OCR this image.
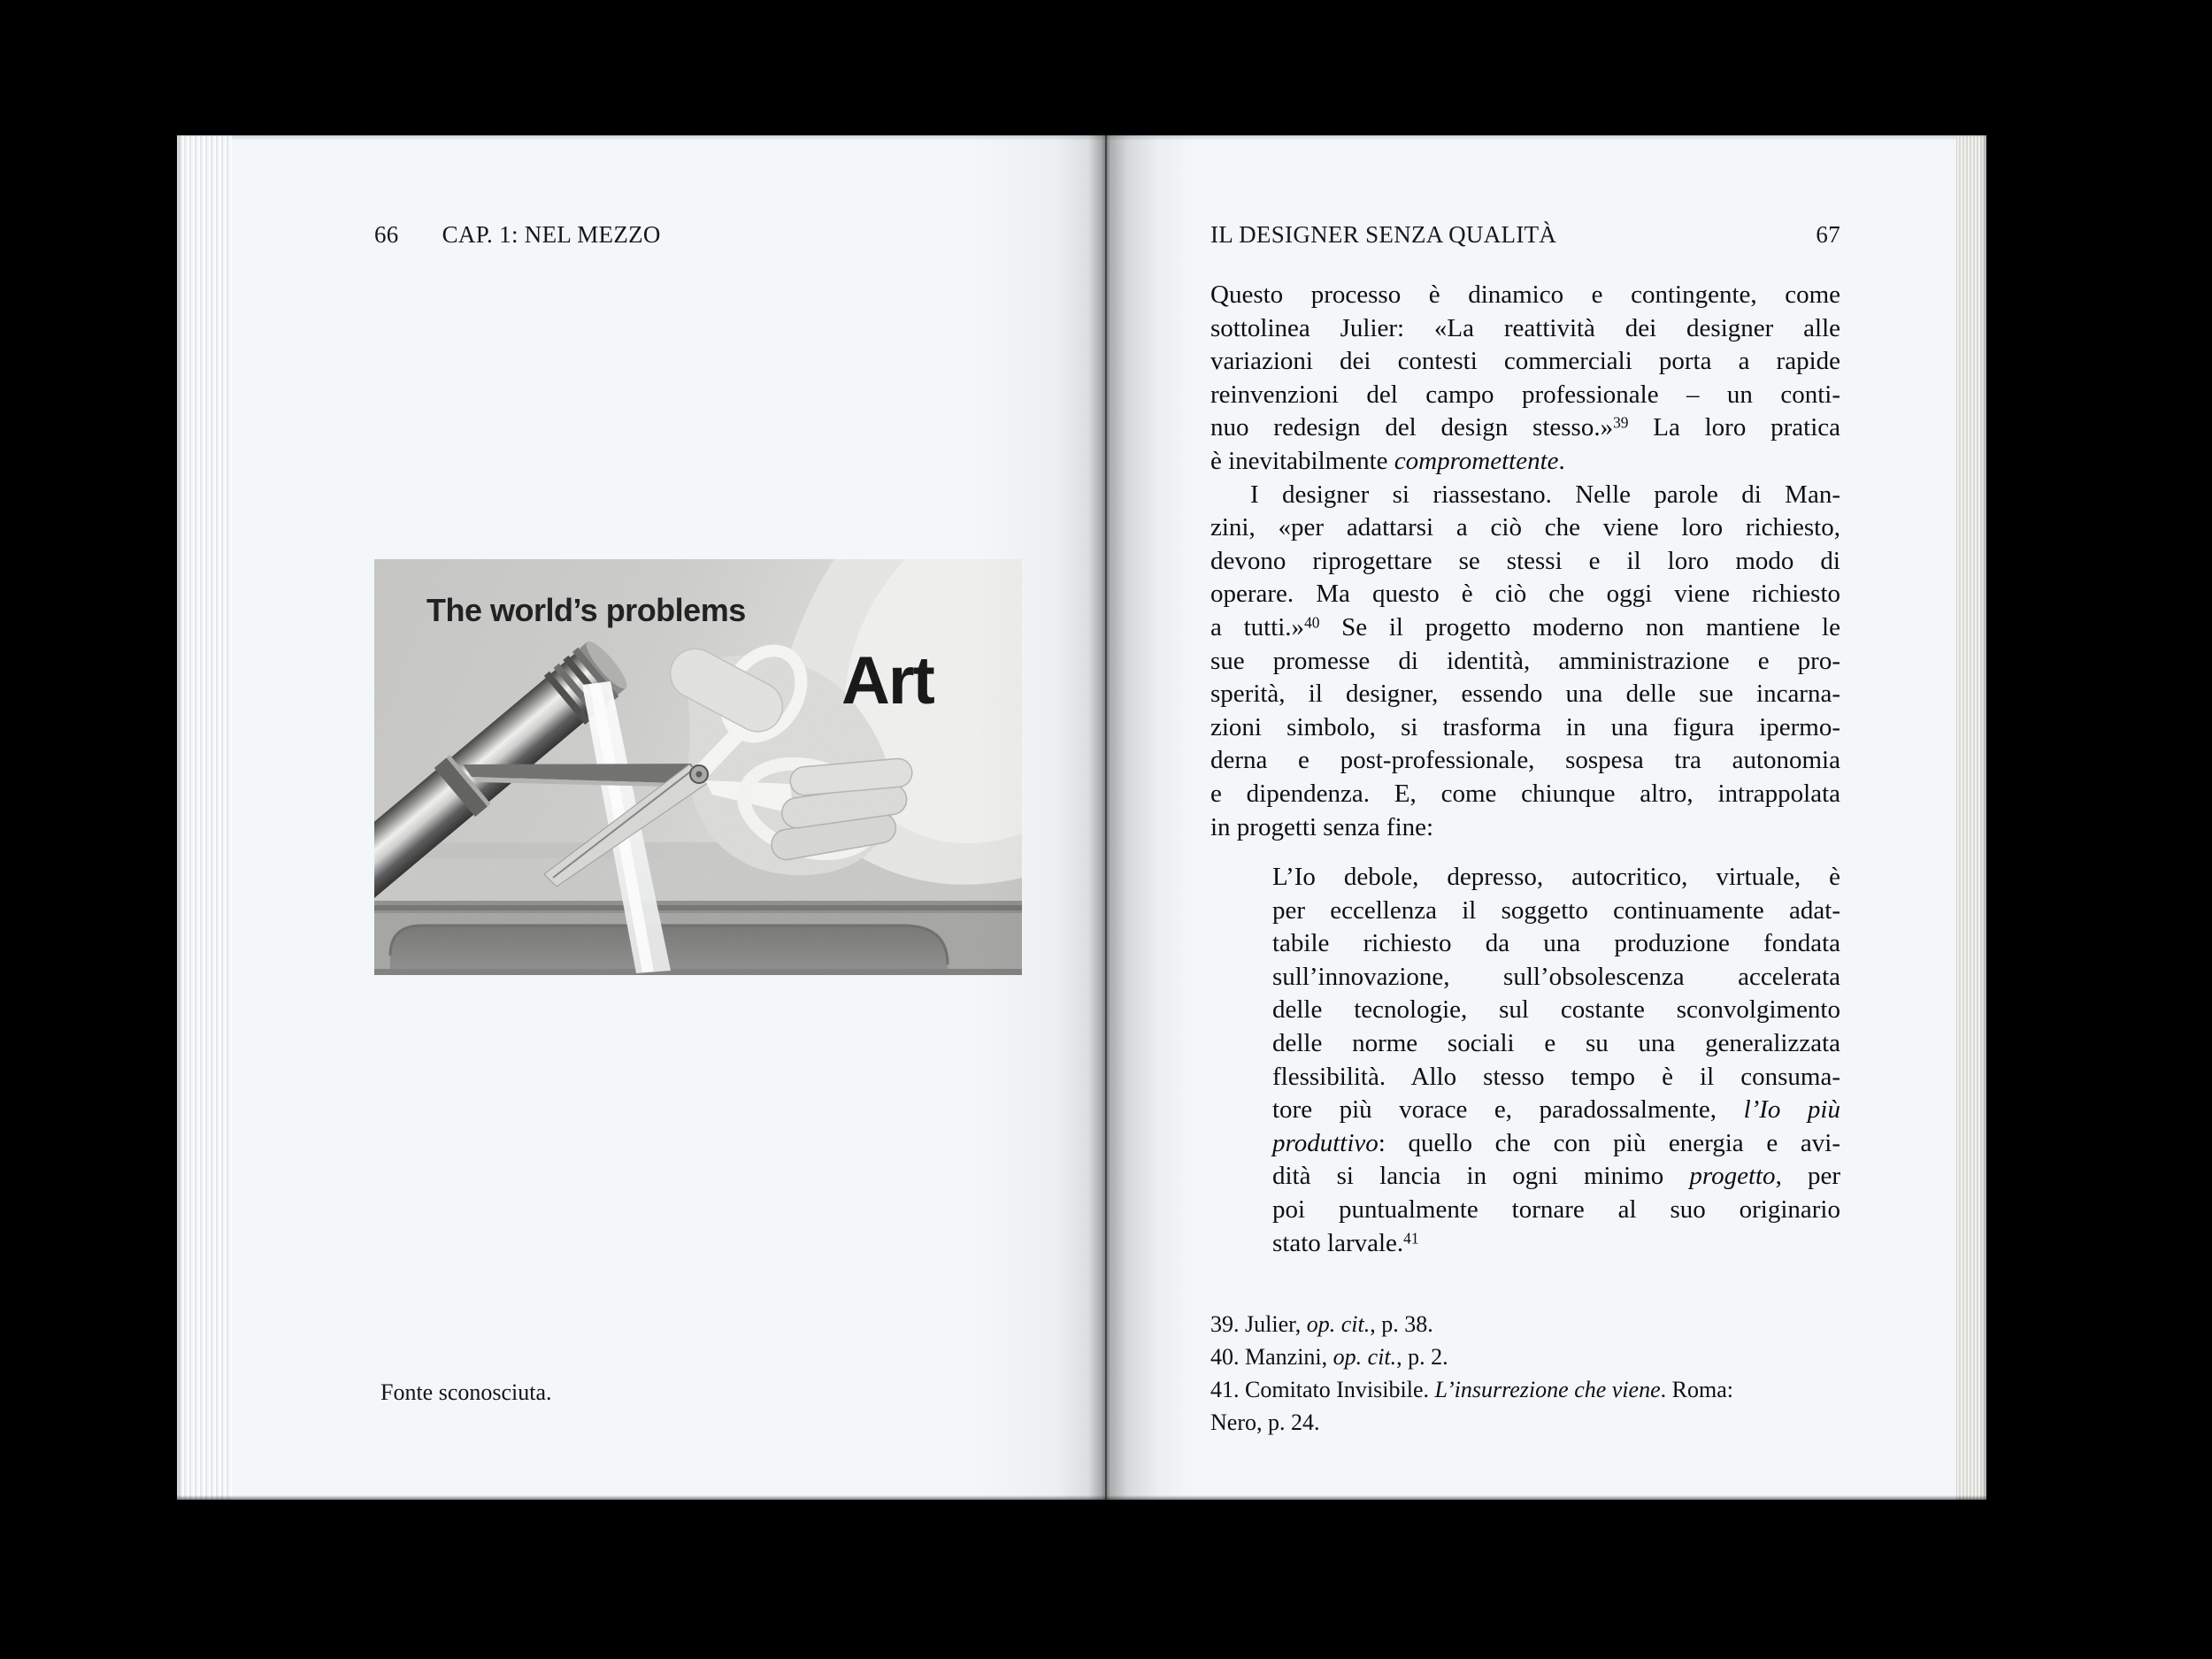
66 CAP. 1: NEL MEZZO
The world’s problems
Art
Fonte sconosciuta.
IL DESIGNER SENZA QUALITÀ	67
Questo processo è dinamico e contingente, come
sottolinea Julier: «La reattività dei designer alle
variazioni dei contesti commerciali porta a rapide
reinvenzioni del campo professionale – un conti-
nuo redesign del design stesso.»$^{39}$ La loro pratica
è inevitabilmente compromettente.
I designer si riassestano. Nelle parole di Man-
zini, «per adattarsi a ciò che viene loro richiesto,
devono riprogettare se stessi e il loro modo di
operare. Ma questo è ciò che oggi viene richiesto
a tutti.»$^{40}$ Se il progetto moderno non mantiene le
sue promesse di identità, amministrazione e pro-
sperità, il designer, essendo una delle sue incarna-
zioni simbolo, si trasforma in una figura ipermo-
derna e post-professionale, sospesa tra autonomia
e dipendenza. E, come chiunque altro, intrappolata
in progetti senza fine:
L’Io debole, depresso, autocritico, virtuale, è
per eccellenza il soggetto continuamente adat-
tabile richiesto da una produzione fondata
sull’innovazione, sull’obsolescenza accelerata
delle tecnologie, sul costante sconvolgimento
delle norme sociali e su una generalizzata
flessibilità. Allo stesso tempo è il consuma-
tore più vorace e, paradossalmente, l’Io più
produttivo: quello che con più energia e avi-
dità si lancia in ogni minimo progetto, per
poi puntualmente tornare al suo originario
stato larvale.$^{41}$
39. Julier, op. cit., p. 38.
40. Manzini, op. cit., p. 2.
41. Comitato Invisibile. L’insurrezione che viene. Roma:
Nero, p. 24.
